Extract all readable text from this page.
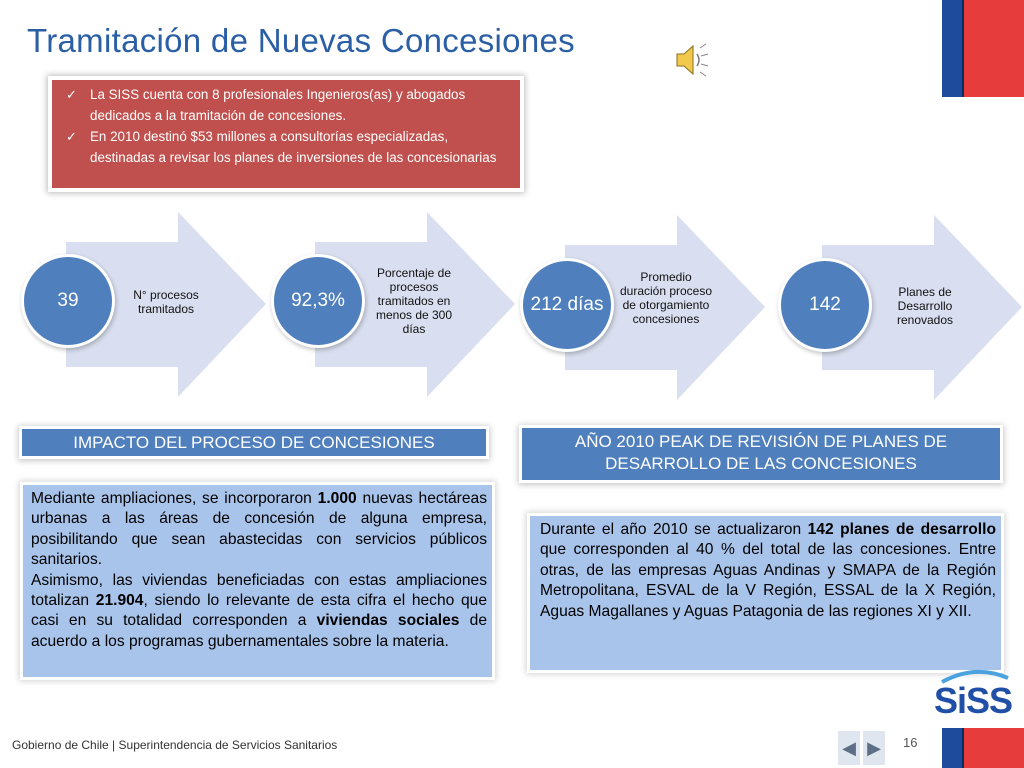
Tramitación de Nuevas Concesiones
✓ La SISS cuenta con 8 profesionales Ingenieros(as) y abogados dedicados a la tramitación de concesiones.
✓ En 2010 destinó $53 millones a consultorías especializadas, destinadas a revisar los planes de inversiones de las concesionarias
39	92,3%	212 días	142
N° procesos tramitados
Porcentaje de procesos tramitados en menos de 300 días
Promedio duración proceso de otorgamiento concesiones
Planes de Desarrollo renovados
IMPACTO DEL PROCESO DE CONCESIONES

Mediante ampliaciones, se incorporaron 1.000 nuevas hectáreas urbanas a las áreas de concesión de alguna empresa, posibilitando que sean abastecidas con servicios públicos sanitarios.

Asimismo, las viviendas beneficiadas con estas ampliaciones totalizan 21.904, siendo lo relevante de esta cifra el hecho que casi en su totalidad corresponden a viviendas sociales de acuerdo a los programas gubernamentales sobre la materia.

AÑO 2010 PEAK DE REVISIÓN DE PLANES DE DESARROLLO DE LAS CONCESIONES

Durante el año 2010 se actualizaron 142 planes de desarrollo que corresponden al 40 % del total de las concesiones. Entre otras, de las empresas Aguas Andinas y SMAPA de la Región Metropolitana, ESVAL de la V Región, ESSAL de la X Región, Aguas Magallanes y Aguas Patagonia de las regiones XI y XII.

SiSS
Gobierno de Chile | Superintendencia de Servicios Sanitarios	◀ ▶	16
